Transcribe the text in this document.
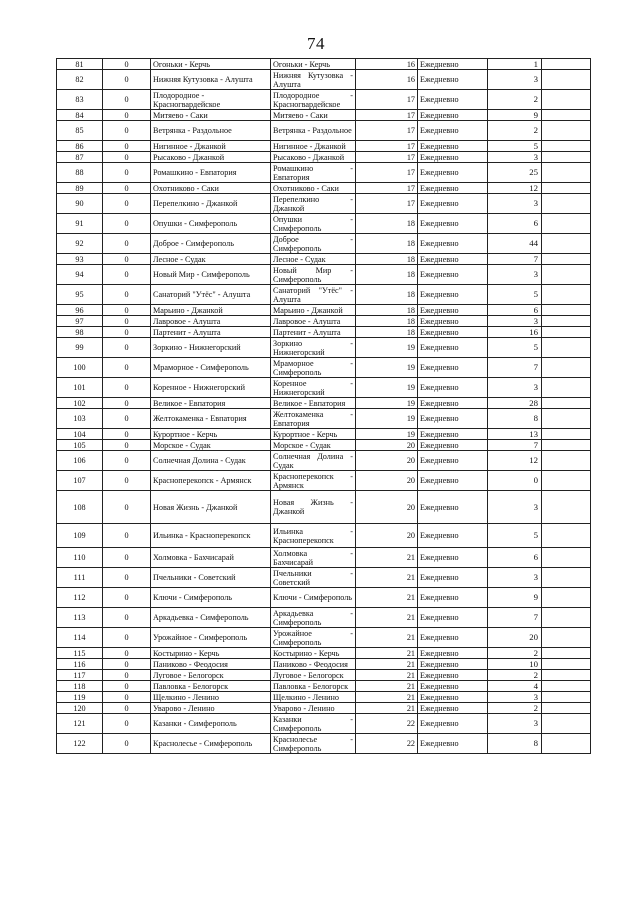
74
81	0	Огоньки - Керчь	Огоньки - Керчь	16	Ежедневно	1	
82	0	Нижняя Кутузовка - Алушта	Нижняя Кутузовка - Алушта	16	Ежедневно	3	
83	0	Плодородное - Красногвардейское	Плодородное - Красногвардейское	17	Ежедневно	2	
84	0	Митяево - Саки	Митяево - Саки	17	Ежедневно	9	
85	0	Ветрянка - Раздольное	Ветрянка - Раздольное	17	Ежедневно	2	
86	0	Нигинное - Джанкой	Нигинное - Джанкой	17	Ежедневно	5	
87	0	Рысаково - Джанкой	Рысаково - Джанкой	17	Ежедневно	3	
88	0	Ромашкино - Евпатория	Ромашкино - Евпатория	17	Ежедневно	25	
89	0	Охотниково - Саки	Охотниково - Саки	17	Ежедневно	12	
90	0	Перепелкино - Джанкой	Перепелкино - Джанкой	17	Ежедневно	3	
91	0	Опушки - Симферополь	Опушки - Симферополь	18	Ежедневно	6	
92	0	Доброе - Симферополь	Доброе - Симферополь	18	Ежедневно	44	
93	0	Лесное - Судак	Лесное - Судак	18	Ежедневно	7	
94	0	Новый Мир - Симферополь	Новый Мир - Симферополь	18	Ежедневно	3	
95	0	Санаторий "Утёс" - Алушта	Санаторий "Утёс" - Алушта	18	Ежедневно	5	
96	0	Марьино - Джанкой	Марьино - Джанкой	18	Ежедневно	6	
97	0	Лавровое - Алушта	Лавровое - Алушта	18	Ежедневно	3	
98	0	Партенит - Алушта	Партенит - Алушта	18	Ежедневно	16	
99	0	Зоркино - Нижнегорский	Зоркино - Нижнегорский	19	Ежедневно	5	
100	0	Мраморное - Симферополь	Мраморное - Симферополь	19	Ежедневно	7	
101	0	Коренное - Нижнегорский	Коренное - Нижнегорский	19	Ежедневно	3	
102	0	Великое - Евпатория	Великое - Евпатория	19	Ежедневно	28	
103	0	Желтокаменка - Евпатория	Желтокаменка - Евпатория	19	Ежедневно	8	
104	0	Курортное - Керчь	Курортное - Керчь	19	Ежедневно	13	
105	0	Морское - Судак	Морское - Судак	20	Ежедневно	7	
106	0	Солнечная Долина - Судак	Солнечная Долина - Судак	20	Ежедневно	12	
107	0	Красноперекопск - Армянск	Красноперекопск - Армянск	20	Ежедневно	0	
108	0	Новая Жизнь - Джанкой	Новая Жизнь - Джанкой	20	Ежедневно	3	
109	0	Ильинка - Красноперекопск	Ильинка - Красноперекопск	20	Ежедневно	5	
110	0	Холмовка - Бахчисарай	Холмовка - Бахчисарай	21	Ежедневно	6	
111	0	Пчельники - Советский	Пчельники - Советский	21	Ежедневно	3	
112	0	Ключи - Симферополь	Ключи - Симферополь	21	Ежедневно	9	
113	0	Аркадьевка - Симферополь	Аркадьевка - Симферополь	21	Ежедневно	7	
114	0	Урожайное - Симферополь	Урожайное - Симферополь	21	Ежедневно	20	
115	0	Костырино - Керчь	Костырино - Керчь	21	Ежедневно	2	
116	0	Паниково - Феодосия	Паниково - Феодосия	21	Ежедневно	10	
117	0	Луговое - Белогорск	Луговое - Белогорск	21	Ежедневно	2	
118	0	Павловка - Белогорск	Павловка - Белогорск	21	Ежедневно	4	
119	0	Щелкино - Ленино	Щелкино - Ленино	21	Ежедневно	3	
120	0	Уварово - Ленино	Уварово - Ленино	21	Ежедневно	2	
121	0	Казанки - Симферополь	Казанки - Симферополь	22	Ежедневно	3	
122	0	Краснолесье - Симферополь	Краснолесье - Симферополь	22	Ежедневно	8	
